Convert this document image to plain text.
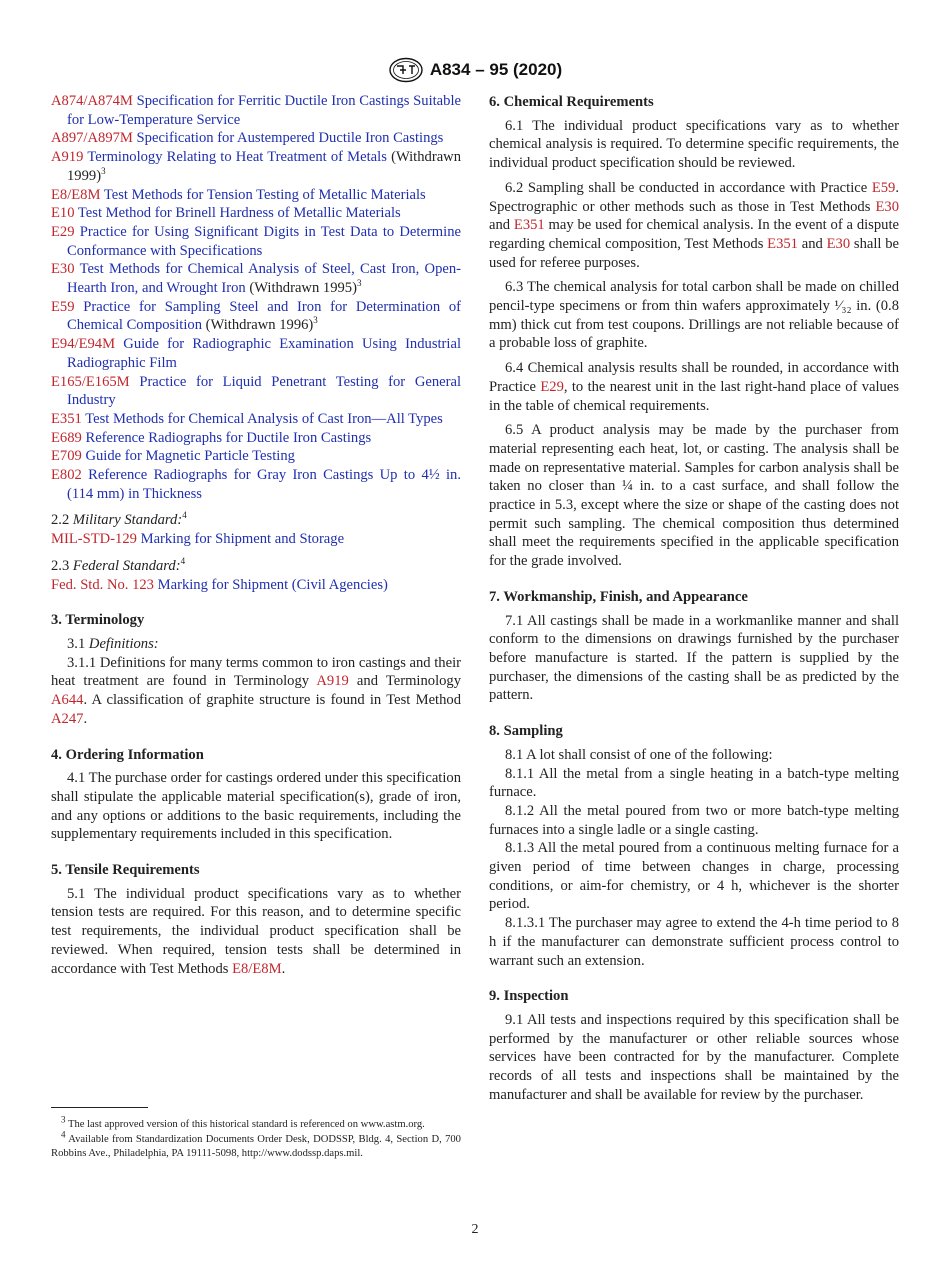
A834 – 95 (2020)
A874/A874M Specification for Ferritic Ductile Iron Castings Suitable for Low-Temperature Service
A897/A897M Specification for Austempered Ductile Iron Castings
A919 Terminology Relating to Heat Treatment of Metals (Withdrawn 1999)$^3$
E8/E8M Test Methods for Tension Testing of Metallic Materials
E10 Test Method for Brinell Hardness of Metallic Materials
E29 Practice for Using Significant Digits in Test Data to Determine Conformance with Specifications
E30 Test Methods for Chemical Analysis of Steel, Cast Iron, Open-Hearth Iron, and Wrought Iron (Withdrawn 1995)$^3$
E59 Practice for Sampling Steel and Iron for Determination of Chemical Composition (Withdrawn 1996)$^3$
E94/E94M Guide for Radiographic Examination Using Industrial Radiographic Film
E165/E165M Practice for Liquid Penetrant Testing for General Industry
E351 Test Methods for Chemical Analysis of Cast Iron—All Types
E689 Reference Radiographs for Ductile Iron Castings
E709 Guide for Magnetic Particle Testing
E802 Reference Radiographs for Gray Iron Castings Up to 4½ in. (114 mm) in Thickness
2.2 Military Standard:$^4$
MIL-STD-129 Marking for Shipment and Storage
2.3 Federal Standard:$^4$
Fed. Std. No. 123 Marking for Shipment (Civil Agencies)
3. Terminology

3.1 Definitions:

3.1.1 Definitions for many terms common to iron castings and their heat treatment are found in Terminology A919 and Terminology A644. A classification of graphite structure is found in Test Method A247.

4. Ordering Information

4.1 The purchase order for castings ordered under this specification shall stipulate the applicable material specification(s), grade of iron, and any options or additions to the basic requirements, including the supplementary requirements included in this specification.

5. Tensile Requirements

5.1 The individual product specifications vary as to whether tension tests are required. For this reason, and to determine specific test requirements, the individual product specification shall be reviewed. When required, tension tests shall be determined in accordance with Test Methods E8/E8M.

$^3$ The last approved version of this historical standard is referenced on www.astm.org.

$^4$ Available from Standardization Documents Order Desk, DODSSP, Bldg. 4, Section D, 700 Robbins Ave., Philadelphia, PA 19111-5098, http://www.dodssp.daps.mil.

6. Chemical Requirements

6.1 The individual product specifications vary as to whether chemical analysis is required. To determine specific requirements, the individual product specification should be reviewed.

6.2 Sampling shall be conducted in accordance with Practice E59. Spectrographic or other methods such as those in Test Methods E30 and E351 may be used for chemical analysis. In the event of a dispute regarding chemical composition, Test Methods E351 and E30 shall be used for referee purposes.

6.3 The chemical analysis for total carbon shall be made on chilled pencil-type specimens or from thin wafers approximately ¹⁄₃₂ in. (0.8 mm) thick cut from test coupons. Drillings are not reliable because of a probable loss of graphite.

6.4 Chemical analysis results shall be rounded, in accordance with Practice E29, to the nearest unit in the last right-hand place of values in the table of chemical requirements.

6.5 A product analysis may be made by the purchaser from material representing each heat, lot, or casting. The analysis shall be made on representative material. Samples for carbon analysis shall be taken no closer than ¼ in. to a cast surface, and shall follow the practice in 5.3, except where the size or shape of the casting does not permit such sampling. The chemical composition thus determined shall meet the requirements specified in the applicable specification for the grade involved.

7. Workmanship, Finish, and Appearance

7.1 All castings shall be made in a workmanlike manner and shall conform to the dimensions on drawings furnished by the purchaser before manufacture is started. If the pattern is supplied by the purchaser, the dimensions of the casting shall be as predicted by the pattern.

8. Sampling

8.1 A lot shall consist of one of the following:

8.1.1 All the metal from a single heating in a batch-type melting furnace.

8.1.2 All the metal poured from two or more batch-type melting furnaces into a single ladle or a single casting.

8.1.3 All the metal poured from a continuous melting furnace for a given period of time between changes in charge, processing conditions, or aim-for chemistry, or 4 h, whichever is the shorter period.

8.1.3.1 The purchaser may agree to extend the 4-h time period to 8 h if the manufacturer can demonstrate sufficient process control to warrant such an extension.

9. Inspection

9.1 All tests and inspections required by this specification shall be performed by the manufacturer or other reliable sources whose services have been contracted for by the manufacturer. Complete records of all tests and inspections shall be maintained by the manufacturer and shall be available for review by the purchaser.

2
